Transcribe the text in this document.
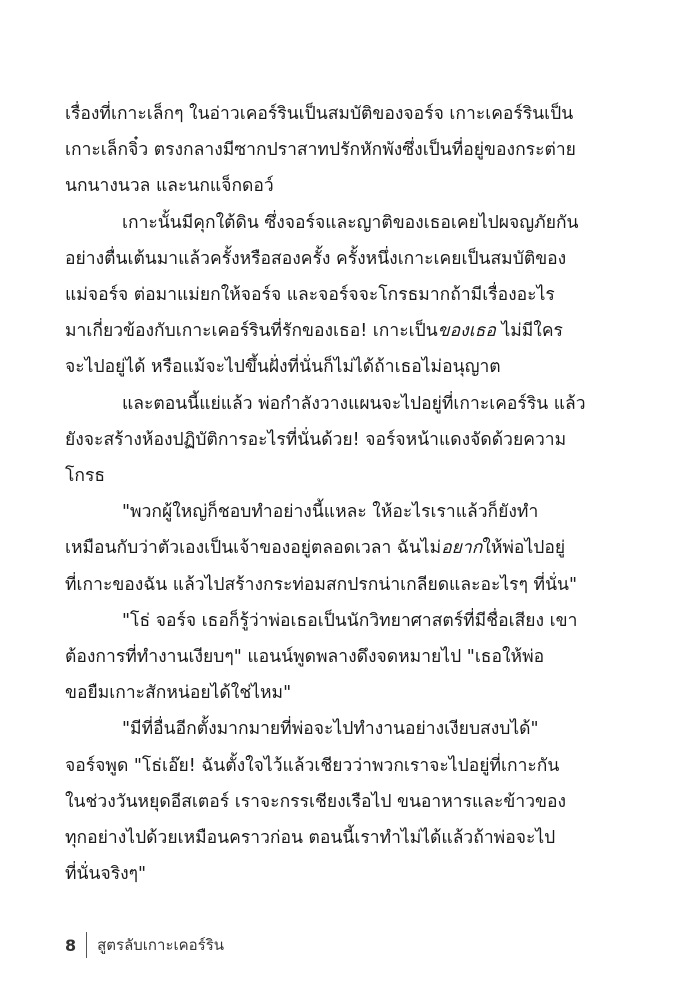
เรื่องที่เกาะเล็กๆ ในอ่าวเคอร์รินเป็นสมบัติของจอร์จ เกาะเคอร์รินเป็น
เกาะเล็กจิ๋ว ตรงกลางมีซากปราสาทปรักหักพังซึ่งเป็นที่อยู่ของกระต่าย
นกนางนวล และนกแจ็กดอว์

เกาะนั้นมีคุกใต้ดิน ซึ่งจอร์จและญาติของเธอเคยไปผจญภัยกัน
อย่างตื่นเต้นมาแล้วครั้งหรือสองครั้ง ครั้งหนึ่งเกาะเคยเป็นสมบัติของ
แม่จอร์จ ต่อมาแม่ยกให้จอร์จ และจอร์จจะโกรธมากถ้ามีเรื่องอะไร
มาเกี่ยวข้องกับเกาะเคอร์รินที่รักของเธอ! เกาะเป็นของเธอ ไม่มีใคร
จะไปอยู่ได้ หรือแม้จะไปขึ้นฝั่งที่นั่นก็ไม่ได้ถ้าเธอไม่อนุญาต

และตอนนี้แย่แล้ว พ่อกำลังวางแผนจะไปอยู่ที่เกาะเคอร์ริน แล้ว
ยังจะสร้างห้องปฏิบัติการอะไรที่นั่นด้วย! จอร์จหน้าแดงจัดด้วยความ
โกรธ

"พวกผู้ใหญ่ก็ชอบทำอย่างนี้แหละ ให้อะไรเราแล้วก็ยังทำ
เหมือนกับว่าตัวเองเป็นเจ้าของอยู่ตลอดเวลา ฉันไม่อยากให้พ่อไปอยู่
ที่เกาะของฉัน แล้วไปสร้างกระท่อมสกปรกน่าเกลียดและอะไรๆ ที่นั่น"

"โธ่ จอร์จ เธอก็รู้ว่าพ่อเธอเป็นนักวิทยาศาสตร์ที่มีชื่อเสียง เขา
ต้องการที่ทำงานเงียบๆ" แอนน์พูดพลางดึงจดหมายไป "เธอให้พ่อ
ขอยืมเกาะสักหน่อยได้ใช่ไหม"

"มีที่อื่นอีกตั้งมากมายที่พ่อจะไปทำงานอย่างเงียบสงบได้"
จอร์จพูด "โธ่เอ๊ย! ฉันตั้งใจไว้แล้วเชียวว่าพวกเราจะไปอยู่ที่เกาะกัน
ในช่วงวันหยุดอีสเตอร์ เราจะกรรเชียงเรือไป ขนอาหารและข้าวของ
ทุกอย่างไปด้วยเหมือนคราวก่อน ตอนนี้เราทำไม่ได้แล้วถ้าพ่อจะไป
ที่นั่นจริงๆ"

8 สูตรลับเกาะเคอร์ริน
